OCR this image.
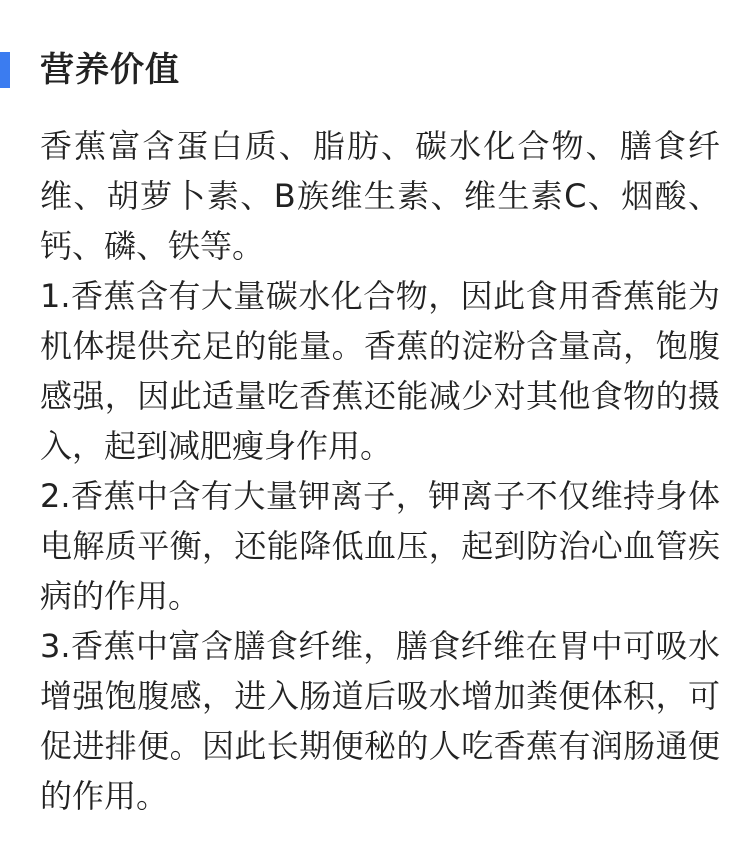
营养价值

香蕉富含蛋白质、脂肪、碳水化合物、膳食纤维、胡萝卜素、B族维生素、维生素C、烟酸、钙、磷、铁等。

1.香蕉含有大量碳水化合物，因此食用香蕉能为机体提供充足的能量。香蕉的淀粉含量高，饱腹感强，因此适量吃香蕉还能减少对其他食物的摄入，起到减肥瘦身作用。

2.香蕉中含有大量钾离子，钾离子不仅维持身体电解质平衡，还能降低血压，起到防治心血管疾病的作用。

3.香蕉中富含膳食纤维，膳食纤维在胃中可吸水增强饱腹感，进入肠道后吸水增加粪便体积，可促进排便。因此长期便秘的人吃香蕉有润肠通便的作用。
